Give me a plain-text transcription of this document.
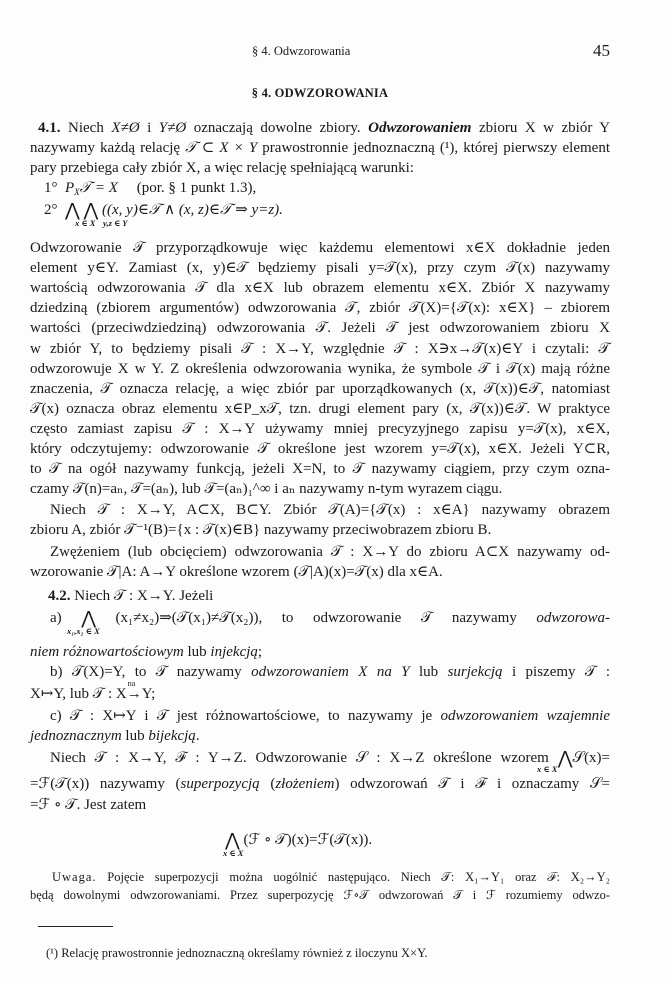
§ 4. Odwzorowania	45
§ 4. ODWZOROWANIA
4.1. Niech X≠Ø i Y≠Ø oznaczają dowolne zbiory. Odwzorowaniem zbioru X w zbiór Y
nazywamy każdą relację 𝒯 ⊂ X × Y prawostronnie jednoznaczną (¹), której pierwszy element
pary przebiega cały zbiór X, a więc relację spełniającą warunki:
1° $P_X𝒯 = X$ (por. § 1 punkt 1.3),
2° ⋀ ⋀ ((x, y)∈𝒯 ∧ (x, z)∈𝒯 ⇒ y=z).
x ∈ X y,z ∈ Y
Odwzorowanie 𝒯 przyporządkowuje więc każdemu elementowi x∈X dokładnie jeden
element y∈Y. Zamiast (x, y)∈𝒯 będziemy pisali y=𝒯(x), przy czym 𝒯(x) nazywamy
wartością odwzorowania 𝒯 dla x∈X lub obrazem elementu x∈X. Zbiór X nazywamy
dziedziną (zbiorem argumentów) odwzorowania 𝒯, zbiór 𝒯(X)={𝒯(x): x∈X} – zbiorem
wartości (przeciwdziedziną) odwzorowania 𝒯. Jeżeli 𝒯 jest odwzorowaniem zbioru X
w zbiór Y, to będziemy pisali 𝒯 : X→Y, względnie 𝒯 : X∋x→𝒯(x)∈Y i czytali: 𝒯
odwzorowuje X w Y. Z określenia odwzorowania wynika, że symbole 𝒯 i 𝒯(x) mają różne
znaczenia, 𝒯 oznacza relację, a więc zbiór par uporządkowanych (x, 𝒯(x))∈𝒯, natomiast
𝒯(x) oznacza obraz elementu x∈P_x𝒯, tzn. drugi element pary (x, 𝒯(x))∈𝒯. W praktyce
często zamiast zapisu 𝒯 : X→Y używamy mniej precyzyjnego zapisu y=𝒯(x), x∈X,
który odczytujemy: odwzorowanie 𝒯 określone jest wzorem y=𝒯(x), x∈X. Jeżeli Y⊂R,
to 𝒯 na ogół nazywamy funkcją, jeżeli X=N, to 𝒯 nazywamy ciągiem, przy czym ozna-
czamy 𝒯(n)=aₙ, 𝒯=(aₙ), lub 𝒯=(aₙ)₁^∞ i aₙ nazywamy n-tym wyrazem ciągu.
Niech 𝒯 : X→Y, A⊂X, B⊂Y. Zbiór 𝒯(A)={𝒯(x) : x∈A} nazywamy obrazem
zbioru A, zbiór 𝒯⁻¹(B)={x : 𝒯(x)∈B} nazywamy przeciwobrazem zbioru B.
Zwężeniem (lub obcięciem) odwzorowania 𝒯 : X→Y do zbioru A⊂X nazywamy od-
wzorowanie 𝒯|A: A→Y określone wzorem (𝒯|A)(x)=𝒯(x) dla x∈A.
4.2. Niech 𝒯 : X→Y. Jeżeli
a) ⋀ (x₁≠x₂)⇒(𝒯(x₁)≠𝒯(x₂)), to odwzorowanie 𝒯 nazywamy odwzorowa-
x₁,x₂ ∈ X
niem różnowartościowym lub injekcją;
b) 𝒯(X)=Y, to 𝒯 nazywamy odwzorowaniem X na Y lub surjekcją i piszemy 𝒯 :
X↦Y, lub 𝒯 : X
na
→Y;
c) 𝒯 : X↦Y i 𝒯 jest różnowartościowe, to nazywamy je odwzorowaniem wzajemnie
jednoznacznym lub bijekcją.
Niech 𝒯 : X→Y, ℱ : Y→Z. Odwzorowanie 𝒮 : X→Z określone wzorem ⋀𝒮(x)=
x ∈ X
=ℱ(𝒯(x)) nazywamy (superpozycją (złożeniem) odwzorowań 𝒯 i ℱ i oznaczamy 𝒮=
=ℱ ∘ 𝒯. Jest zatem
⋀ (ℱ ∘ 𝒯)(x)=ℱ(𝒯(x)).
x ∈ X
Uwaga. Pojęcie superpozycji można uogólnić następująco. Niech 𝒯: X₁→Y₁ oraz ℱ: X₂→Y₂
będą dowolnymi odwzorowaniami. Przez superpozycję ℱ∘𝒯 odwzorowań 𝒯 i ℱ rozumiemy odwzo-
(¹) Relację prawostronnie jednoznaczną określamy również z iloczynu X×Y.
